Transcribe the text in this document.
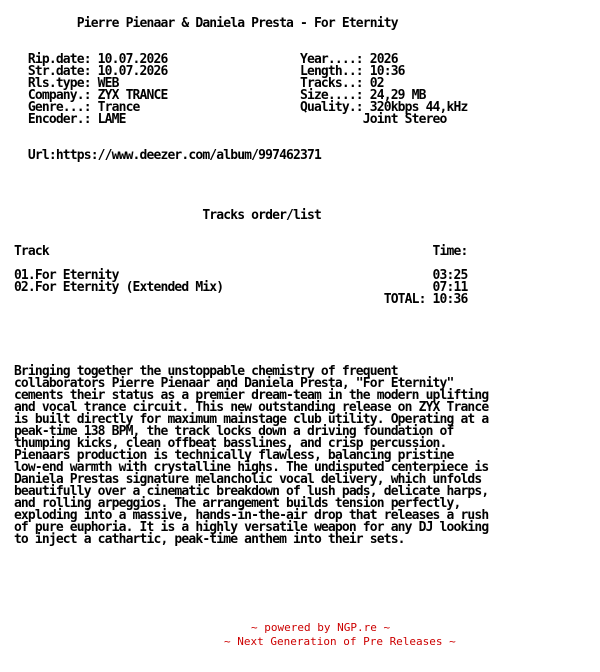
Pierre Pienaar & Daniela Presta - For Eternity
Rip.date: 10.07.2026                   Year....: 2026
Str.date: 10.07.2026                   Length..: 10:36
Rls.type: WEB                          Tracks..: 02
Company.: ZYX TRANCE                   Size....: 24,29 MB
Genre...: Trance                       Quality.: 320kbps 44,kHz
Encoder.: LAME                                  Joint Stereo
Url:https://www.deezer.com/album/997462371
Tracks order/list
Track                                                       Time:
01.For Eternity                                             03:25
02.For Eternity (Extended Mix)                              07:11
TOTAL: 10:36
Bringing together the unstoppable chemistry of frequent
collaborators Pierre Pienaar and Daniela Presta, "For Eternity"
cements their status as a premier dream-team in the modern uplifting
and vocal trance circuit. This new outstanding release on ZYX Trance
is built directly for maximum mainstage club utility. Operating at a
peak-time 138 BPM, the track locks down a driving foundation of
thumping kicks, clean offbeat basslines, and crisp percussion.
Pienaars production is technically flawless, balancing pristine
low-end warmth with crystalline highs. The undisputed centerpiece is
Daniela Prestas signature melancholic vocal delivery, which unfolds
beautifully over a cinematic breakdown of lush pads, delicate harps,
and rolling arpeggios. The arrangement builds tension perfectly,
exploding into a massive, hands-in-the-air drop that releases a rush
of pure euphoria. It is a highly versatile weapon for any DJ looking
to inject a cathartic, peak-time anthem into their sets.
~ powered by NGP.re ~
~ Next Generation of Pre Releases ~
